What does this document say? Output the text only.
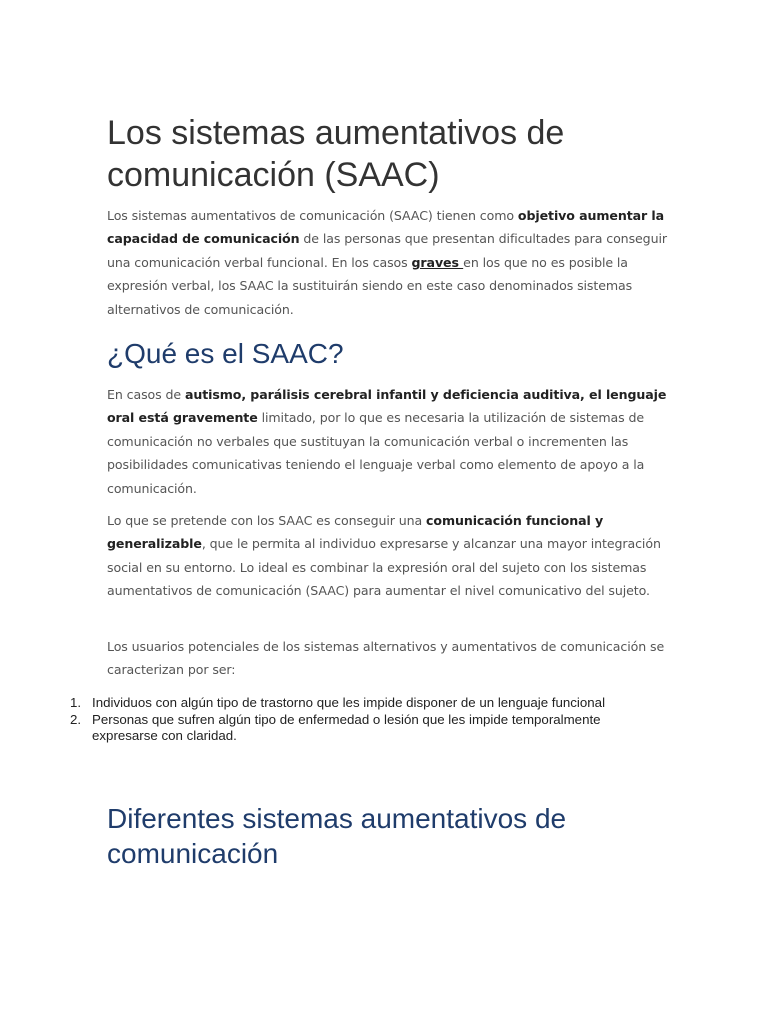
Los sistemas aumentativos de comunicación (SAAC)

Los sistemas aumentativos de comunicación (SAAC) tienen como objetivo aumentar la capacidad de comunicación de las personas que presentan dificultades para conseguir una comunicación verbal funcional. En los casos graves en los que no es posible la expresión verbal, los SAAC la sustituirán siendo en este caso denominados sistemas alternativos de comunicación.

¿Qué es el SAAC?

En casos de autismo, parálisis cerebral infantil y deficiencia auditiva, el lenguaje oral está gravemente limitado, por lo que es necesaria la utilización de sistemas de comunicación no verbales que sustituyan la comunicación verbal o incrementen las posibilidades comunicativas teniendo el lenguaje verbal como elemento de apoyo a la comunicación.

Lo que se pretende con los SAAC es conseguir una comunicación funcional y generalizable, que le permita al individuo expresarse y alcanzar una mayor integración social en su entorno. Lo ideal es combinar la expresión oral del sujeto con los sistemas aumentativos de comunicación (SAAC) para aumentar el nivel comunicativo del sujeto.

Los usuarios potenciales de los sistemas alternativos y aumentativos de comunicación se caracterizan por ser:

1. Individuos con algún tipo de trastorno que les impide disponer de un lenguaje funcional
2. Personas que sufren algún tipo de enfermedad o lesión que les impide temporalmente expresarse con claridad.
Diferentes sistemas aumentativos de comunicación
